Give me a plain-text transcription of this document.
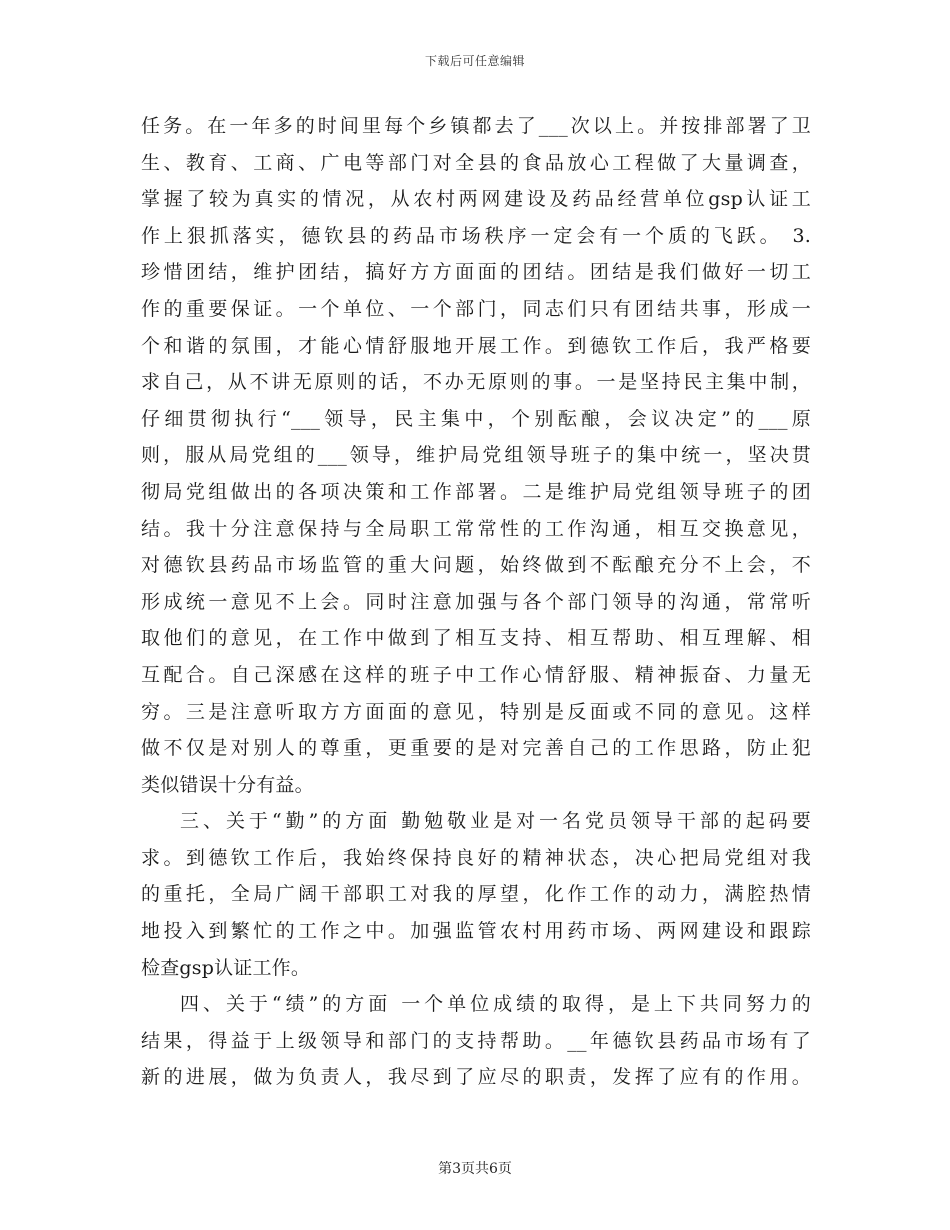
下载后可任意编辑
任务。在一年多的时间里每个乡镇都去了___次以上。并按排部署了卫
生、教育、工商、广电等部门对全县的食品放心工程做了大量调查，
掌握了较为真实的情况，从农村两网建设及药品经营单位gsp认证工
作上狠抓落实，德钦县的药品市场秩序一定会有一个质的飞跃。 3.
珍惜团结，维护团结，搞好方方面面的团结。团结是我们做好一切工
作的重要保证。一个单位、一个部门，同志们只有团结共事，形成一
个和谐的氛围，才能心情舒服地开展工作。到德钦工作后，我严格要
求自己，从不讲无原则的话，不办无原则的事。一是坚持民主集中制，
仔细贯彻执行“___领导，民主集中，个别酝酿，会议决定”的___原
则，服从局党组的___领导，维护局党组领导班子的集中统一，坚决贯
彻局党组做出的各项决策和工作部署。二是维护局党组领导班子的团
结。我十分注意保持与全局职工常常性的工作沟通，相互交换意见，
对德钦县药品市场监管的重大问题，始终做到不酝酿充分不上会，不
形成统一意见不上会。同时注意加强与各个部门领导的沟通，常常听
取他们的意见，在工作中做到了相互支持、相互帮助、相互理解、相
互配合。自己深感在这样的班子中工作心情舒服、精神振奋、力量无
穷。三是注意听取方方面面的意见，特别是反面或不同的意见。这样
做不仅是对别人的尊重，更重要的是对完善自己的工作思路，防止犯
类似错误十分有益。
三、关于“勤”的方面 勤勉敬业是对一名党员领导干部的起码要
求。到德钦工作后，我始终保持良好的精神状态，决心把局党组对我
的重托，全局广阔干部职工对我的厚望，化作工作的动力，满腔热情
地投入到繁忙的工作之中。加强监管农村用药市场、两网建设和跟踪
检查gsp认证工作。
四、关于“绩”的方面 一个单位成绩的取得，是上下共同努力的
结果，得益于上级领导和部门的支持帮助。__年德钦县药品市场有了
新的进展，做为负责人，我尽到了应尽的职责，发挥了应有的作用。
第3页共6页
